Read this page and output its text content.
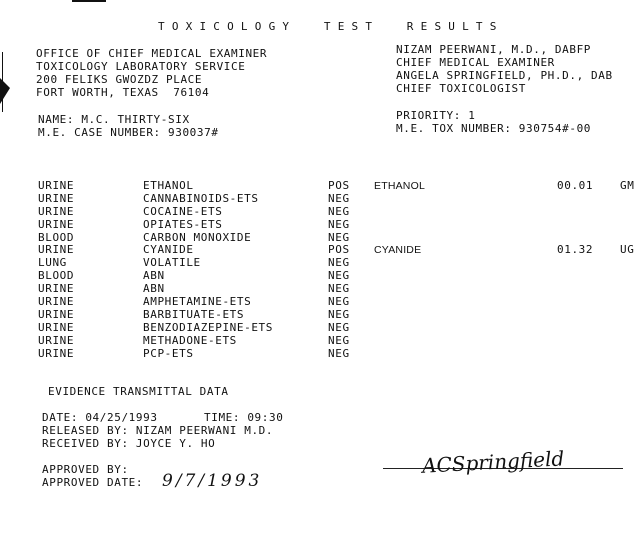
TOXICOLOGY  TEST  RESULTS
OFFICE OF CHIEF MEDICAL EXAMINER
TOXICOLOGY LABORATORY SERVICE
200 FELIKS GWOZDZ PLACE
FORT WORTH, TEXAS  76104
NIZAM PEERWANI, M.D., DABFP
CHIEF MEDICAL EXAMINER
ANGELA SPRINGFIELD, PH.D., DAB
CHIEF TOXICOLOGIST
NAME: M.C. THIRTY-SIX
M.E. CASE NUMBER: 930037#
PRIORITY: 1
M.E. TOX NUMBER: 930754#-00
URINE	ETHANOL	POS ETHANOL	00.01 GM
URINE	CANNABINOIDS-ETS	NEG
URINE	COCAINE-ETS	NEG
URINE	OPIATES-ETS	NEG
BLOOD	CARBON MONOXIDE	NEG
URINE	CYANIDE	POS CYANIDE	01.32 UG
LUNG	VOLATILE	NEG
BLOOD	ABN	NEG
URINE	ABN	NEG
URINE	AMPHETAMINE-ETS	NEG
URINE	BARBITUATE-ETS	NEG
URINE	BENZODIAZEPINE-ETS	NEG
URINE	METHADONE-ETS	NEG
URINE	PCP-ETS	NEG
EVIDENCE TRANSMITTAL DATA
DATE: 04/25/1993	TIME: 09:30
RELEASED BY: NIZAM PEERWANI M.D.
RECEIVED BY: JOYCE Y. HO
APPROVED BY:
APPROVED DATE: 9/7/1993
ACSpringfield
